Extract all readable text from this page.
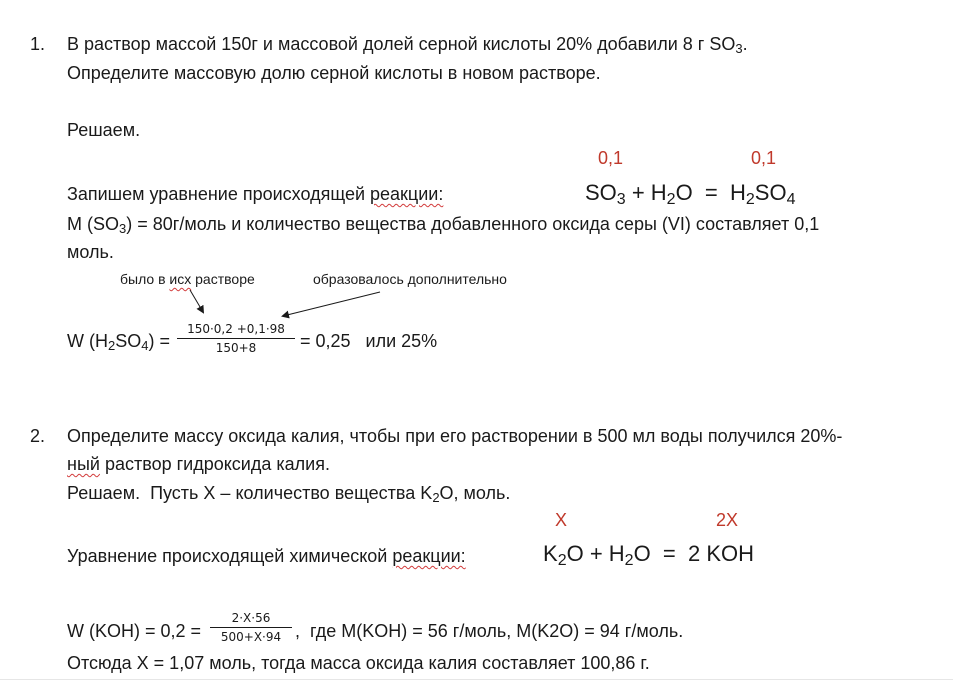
1. В раствор массой 150г и массовой долей серной кислоты 20% добавили 8 г $SO_3$.
Определите массовую долю серной кислоты в новом растворе.
Решаем.
0,1	0,1
Запишем уравнение происходящей реакции:	$SO_3 + H_2O = H_2SO_4$
M $(SO_3)$ = 80г/моль и количество вещества добавленного оксида серы (VI) составляет 0,1
моль.
было в исх растворе	образовалось дополнительно
W $(H_2SO_4)$ =
150·0,2 +0,1·98
150+8	= 0,25   или 25%
2. Определите массу оксида калия, чтобы при его растворении в 500 мл воды получился 20%-
ный раствор гидроксида калия.
Решаем.  Пусть Х – количество вещества $K_2O$, моль.
X	2X
Уравнение происходящей химической реакции:	$K_2O + H_2O = 2$ KOH
W (KOH) = 0,2 =
2·X·56
500+X·94 ,  где M(KOH) = 56 г/моль, M(K2O) = 94 г/моль.
Отсюда Х = 1,07 моль, тогда масса оксида калия составляет 100,86 г.
